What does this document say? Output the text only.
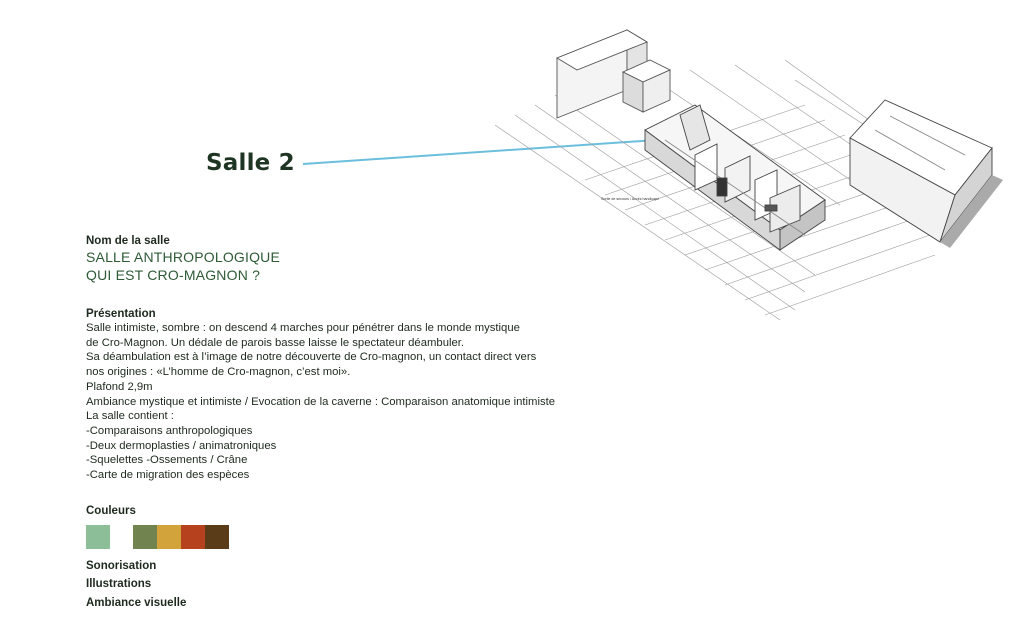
Salle 2
Sortie de secours / Accès handicapé
Nom de la salle
SALLE ANTHROPOLOGIQUE
QUI EST CRO-MAGNON ?
Présentation
Salle intimiste, sombre : on descend 4 marches pour pénétrer dans le monde mystique
de Cro-Magnon. Un dédale de parois basse laisse le spectateur déambuler.
Sa déambulation est à l’image de notre découverte de Cro-magnon, un contact direct vers
nos origines : «L’homme de Cro-magnon, c’est moi».
Plafond 2,9m
Ambiance mystique et intimiste / Evocation de la caverne : Comparaison anatomique intimiste
La salle contient :
-Comparaisons anthropologiques
-Deux dermoplasties / animatroniques
-Squelettes -Ossements / Crâne
-Carte de migration des espèces
Couleurs
Sonorisation
Illustrations
Ambiance visuelle
